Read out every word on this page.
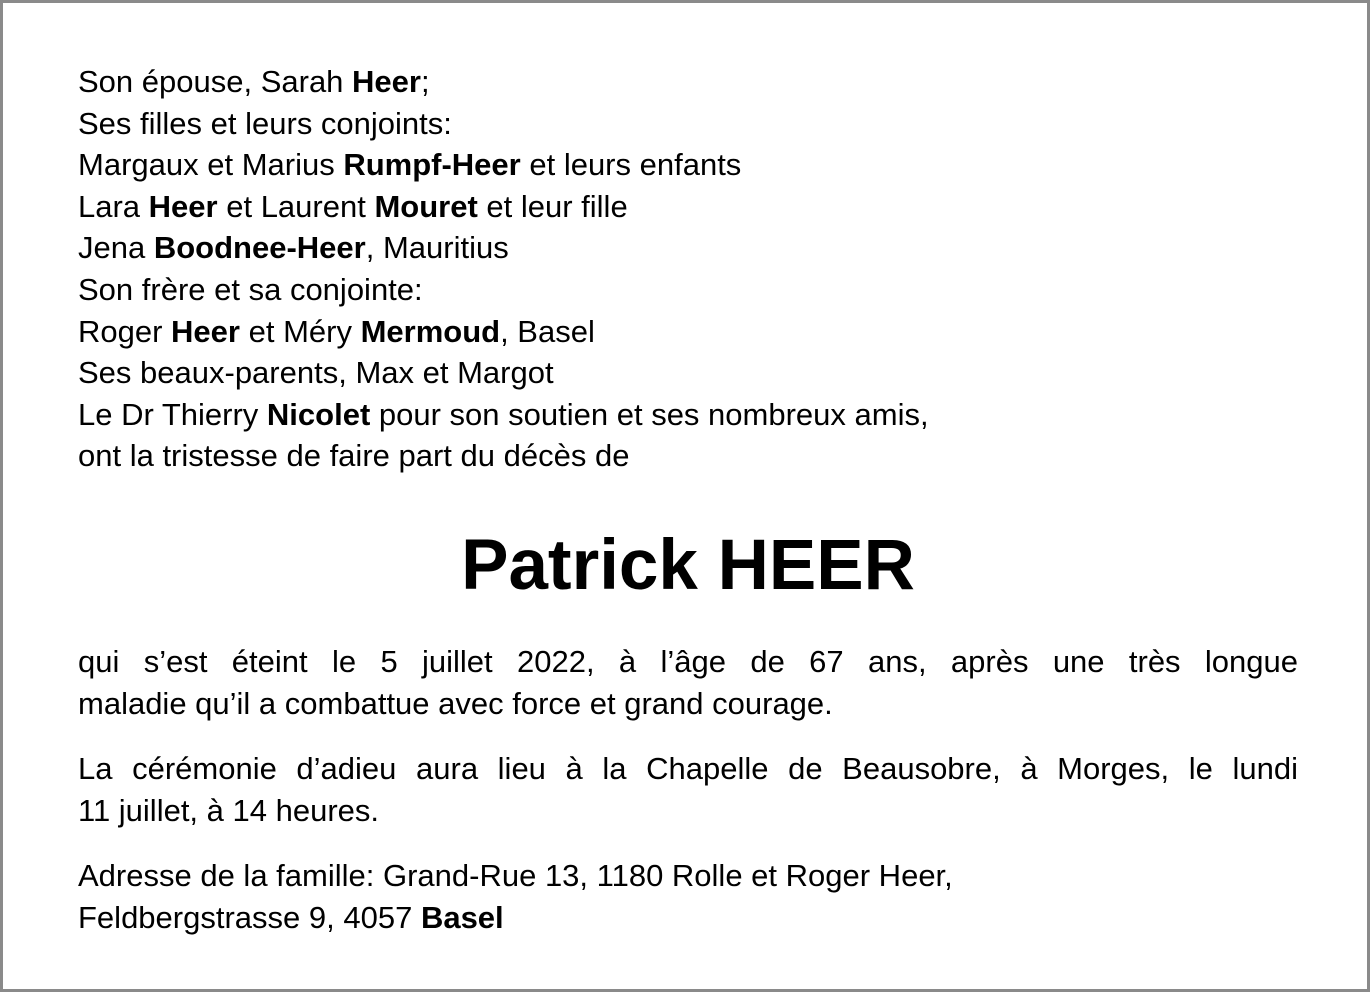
Son épouse, Sarah Heer;
Ses filles et leurs conjoints:
Margaux et Marius Rumpf-Heer et leurs enfants
Lara Heer et Laurent Mouret et leur fille
Jena Boodnee-Heer, Mauritius
Son frère et sa conjointe:
Roger Heer et Méry Mermoud, Basel
Ses beaux-parents, Max et Margot
Le Dr Thierry Nicolet pour son soutien et ses nombreux amis,
ont la tristesse de faire part du décès de
Patrick HEER
qui s’est éteint le 5 juillet 2022, à l’âge de 67 ans, après une très longue
maladie qu’il a combattue avec force et grand courage.
La cérémonie d’adieu aura lieu à la Chapelle de Beausobre, à Morges, le lundi
11 juillet, à 14 heures.
Adresse de la famille: Grand-Rue 13, 1180 Rolle et Roger Heer,
Feldbergstrasse 9, 4057 Basel
